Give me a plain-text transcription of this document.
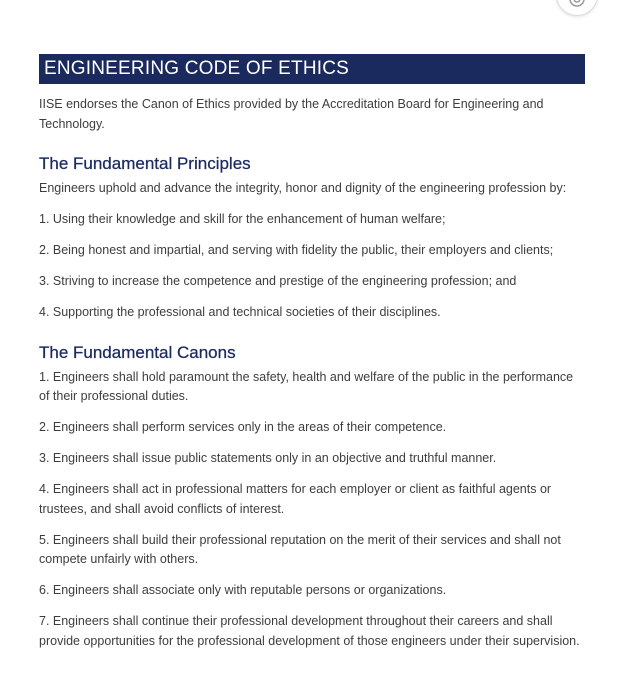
ENGINEERING CODE OF ETHICS

IISE endorses the Canon of Ethics provided by the Accreditation Board for Engineering and Technology.

The Fundamental Principles

Engineers uphold and advance the integrity, honor and dignity of the engineering profession by:

1. Using their knowledge and skill for the enhancement of human welfare;
2. Being honest and impartial, and serving with fidelity the public, their employers and clients;
3. Striving to increase the competence and prestige of the engineering profession; and
4. Supporting the professional and technical societies of their disciplines.
The Fundamental Canons
1. Engineers shall hold paramount the safety, health and welfare of the public in the performance of their professional duties.
2. Engineers shall perform services only in the areas of their competence.
3. Engineers shall issue public statements only in an objective and truthful manner.
4. Engineers shall act in professional matters for each employer or client as faithful agents or trustees, and shall avoid conflicts of interest.
5. Engineers shall build their professional reputation on the merit of their services and shall not compete unfairly with others.
6. Engineers shall associate only with reputable persons or organizations.
7. Engineers shall continue their professional development throughout their careers and shall provide opportunities for the professional development of those engineers under their supervision.
